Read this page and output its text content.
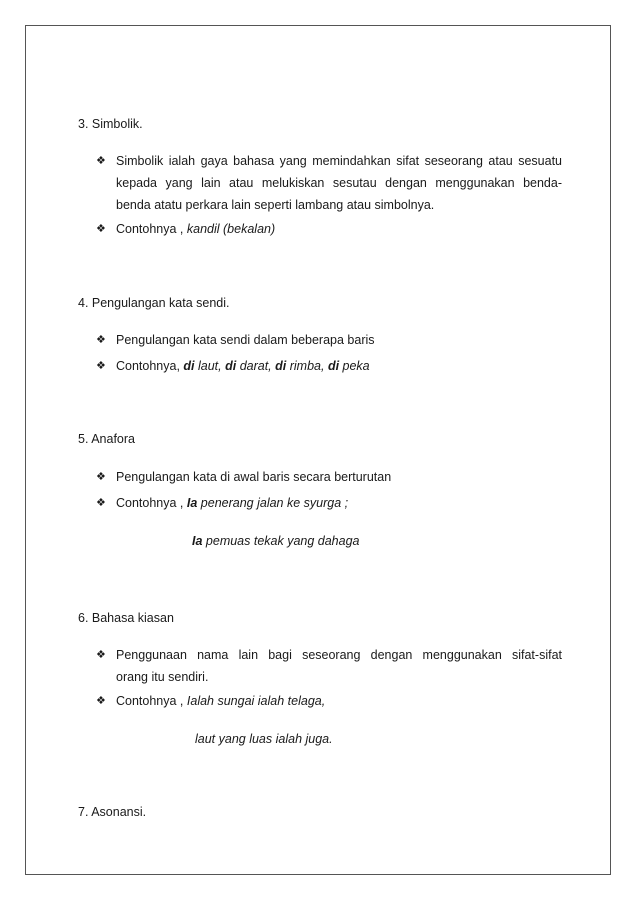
3. Simbolik.
❖ Simbolik ialah gaya bahasa yang memindahkan sifat seseorang atau sesuatu
kepada yang lain atau melukiskan sesutau dengan menggunakan benda-
benda atatu perkara lain seperti lambang atau simbolnya.
❖ Contohnya , kandil (bekalan)
4. Pengulangan kata sendi.
❖ Pengulangan kata sendi dalam beberapa baris
❖ Contohnya, di laut, di darat, di rimba, di peka
5. Anafora
❖ Pengulangan kata di awal baris secara berturutan
❖ Contohnya , Ia penerang jalan ke syurga ;
Ia pemuas tekak yang dahaga
6. Bahasa kiasan
❖ Penggunaan nama lain bagi seseorang dengan menggunakan sifat-sifat
orang itu sendiri.
❖ Contohnya , Ialah sungai ialah telaga,
laut yang luas ialah juga.
7. Asonansi.
